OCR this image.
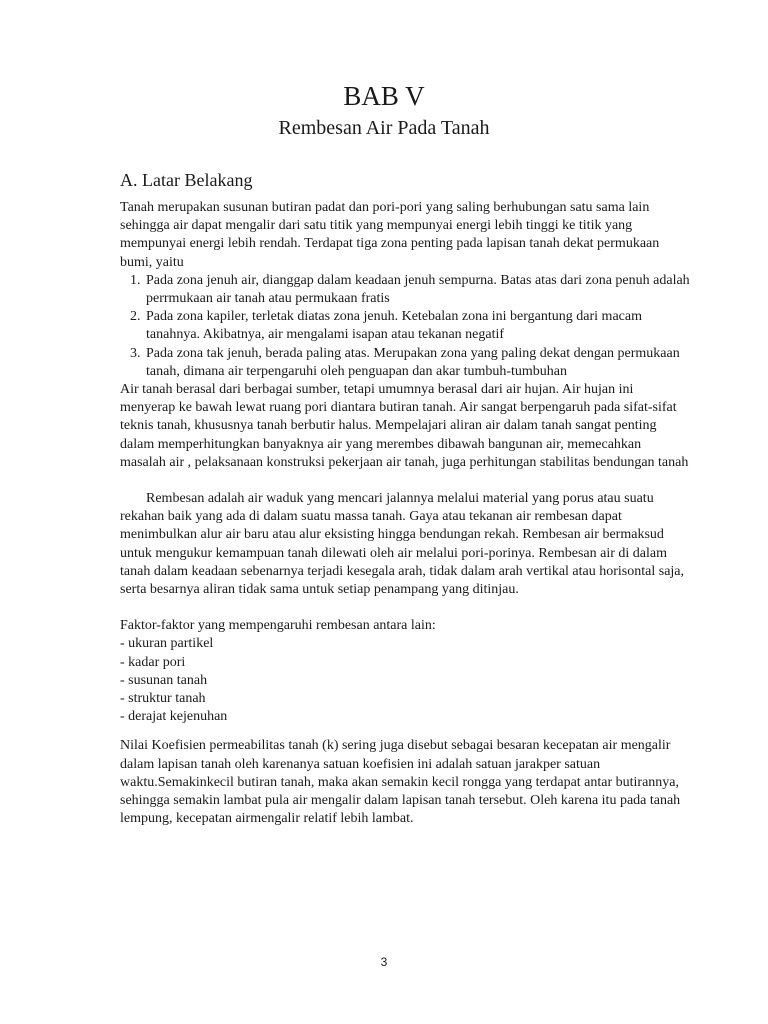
BAB V
Rembesan Air Pada Tanah
A. Latar Belakang

Tanah merupakan susunan butiran padat dan pori-pori yang saling berhubungan satu sama lain sehingga air dapat mengalir dari satu titik yang mempunyai energi lebih tinggi ke titik yang mempunyai energi lebih rendah. Terdapat tiga zona penting pada lapisan tanah dekat permukaan bumi, yaitu

1. Pada zona jenuh air, dianggap dalam keadaan jenuh sempurna. Batas atas dari zona penuh adalah perrmukaan air tanah atau permukaan fratis
2. Pada zona kapiler, terletak diatas zona jenuh. Ketebalan zona ini bergantung dari macam tanahnya. Akibatnya, air mengalami isapan atau tekanan negatif
3. Pada zona tak jenuh, berada paling atas. Merupakan zona yang paling dekat dengan permukaan tanah, dimana air terpengaruhi oleh penguapan dan akar tumbuh-tumbuhan

Air tanah berasal dari berbagai sumber, tetapi umumnya berasal dari air hujan. Air hujan ini menyerap ke bawah lewat ruang pori diantara butiran tanah. Air sangat berpengaruh pada sifat-sifat teknis tanah, khususnya tanah berbutir halus. Mempelajari aliran air dalam tanah sangat penting dalam memperhitungkan banyaknya air yang merembes dibawah bangunan air, memecahkan masalah air , pelaksanaan konstruksi pekerjaan air tanah, juga perhitungan stabilitas bendungan tanah

Rembesan adalah air waduk yang mencari jalannya melalui material yang porus atau suatu rekahan baik yang ada di dalam suatu massa tanah. Gaya atau tekanan air rembesan dapat menimbulkan alur air baru atau alur eksisting hingga bendungan rekah. Rembesan air bermaksud untuk mengukur kemampuan tanah dilewati oleh air melalui pori-porinya. Rembesan air di dalam tanah dalam keadaan sebenarnya terjadi kesegala arah, tidak dalam arah vertikal atau horisontal saja, serta besarnya aliran tidak sama untuk setiap penampang yang ditinjau.

Faktor-faktor yang mempengaruhi rembesan antara lain:

- ukuran partikel

- kadar pori

- susunan tanah

- struktur tanah

- derajat kejenuhan

Nilai Koefisien permeabilitas tanah (k) sering juga disebut sebagai besaran kecepatan air mengalir dalam lapisan tanah oleh karenanya satuan koefisien ini adalah satuan jarakper satuan waktu.Semakinkecil butiran tanah, maka akan semakin kecil rongga yang terdapat antar butirannya, sehingga semakin lambat pula air mengalir dalam lapisan tanah tersebut. Oleh karena itu pada tanah lempung, kecepatan airmengalir relatif lebih lambat.

3
